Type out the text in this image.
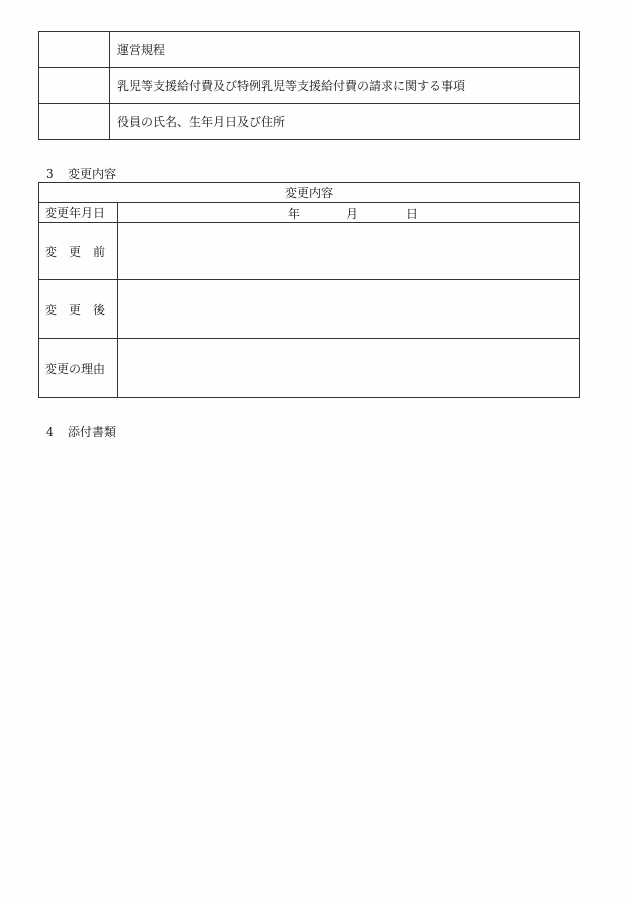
	運営規程
	乳児等支援給付費及び特例乳児等支援給付費の請求に関する事項
	役員の氏名、生年月日及び住所
3 変更内容
変更内容	
変更年月日	年 月 日

変　更　前	
変　更　後	
変更の理由	
4 添付書類
